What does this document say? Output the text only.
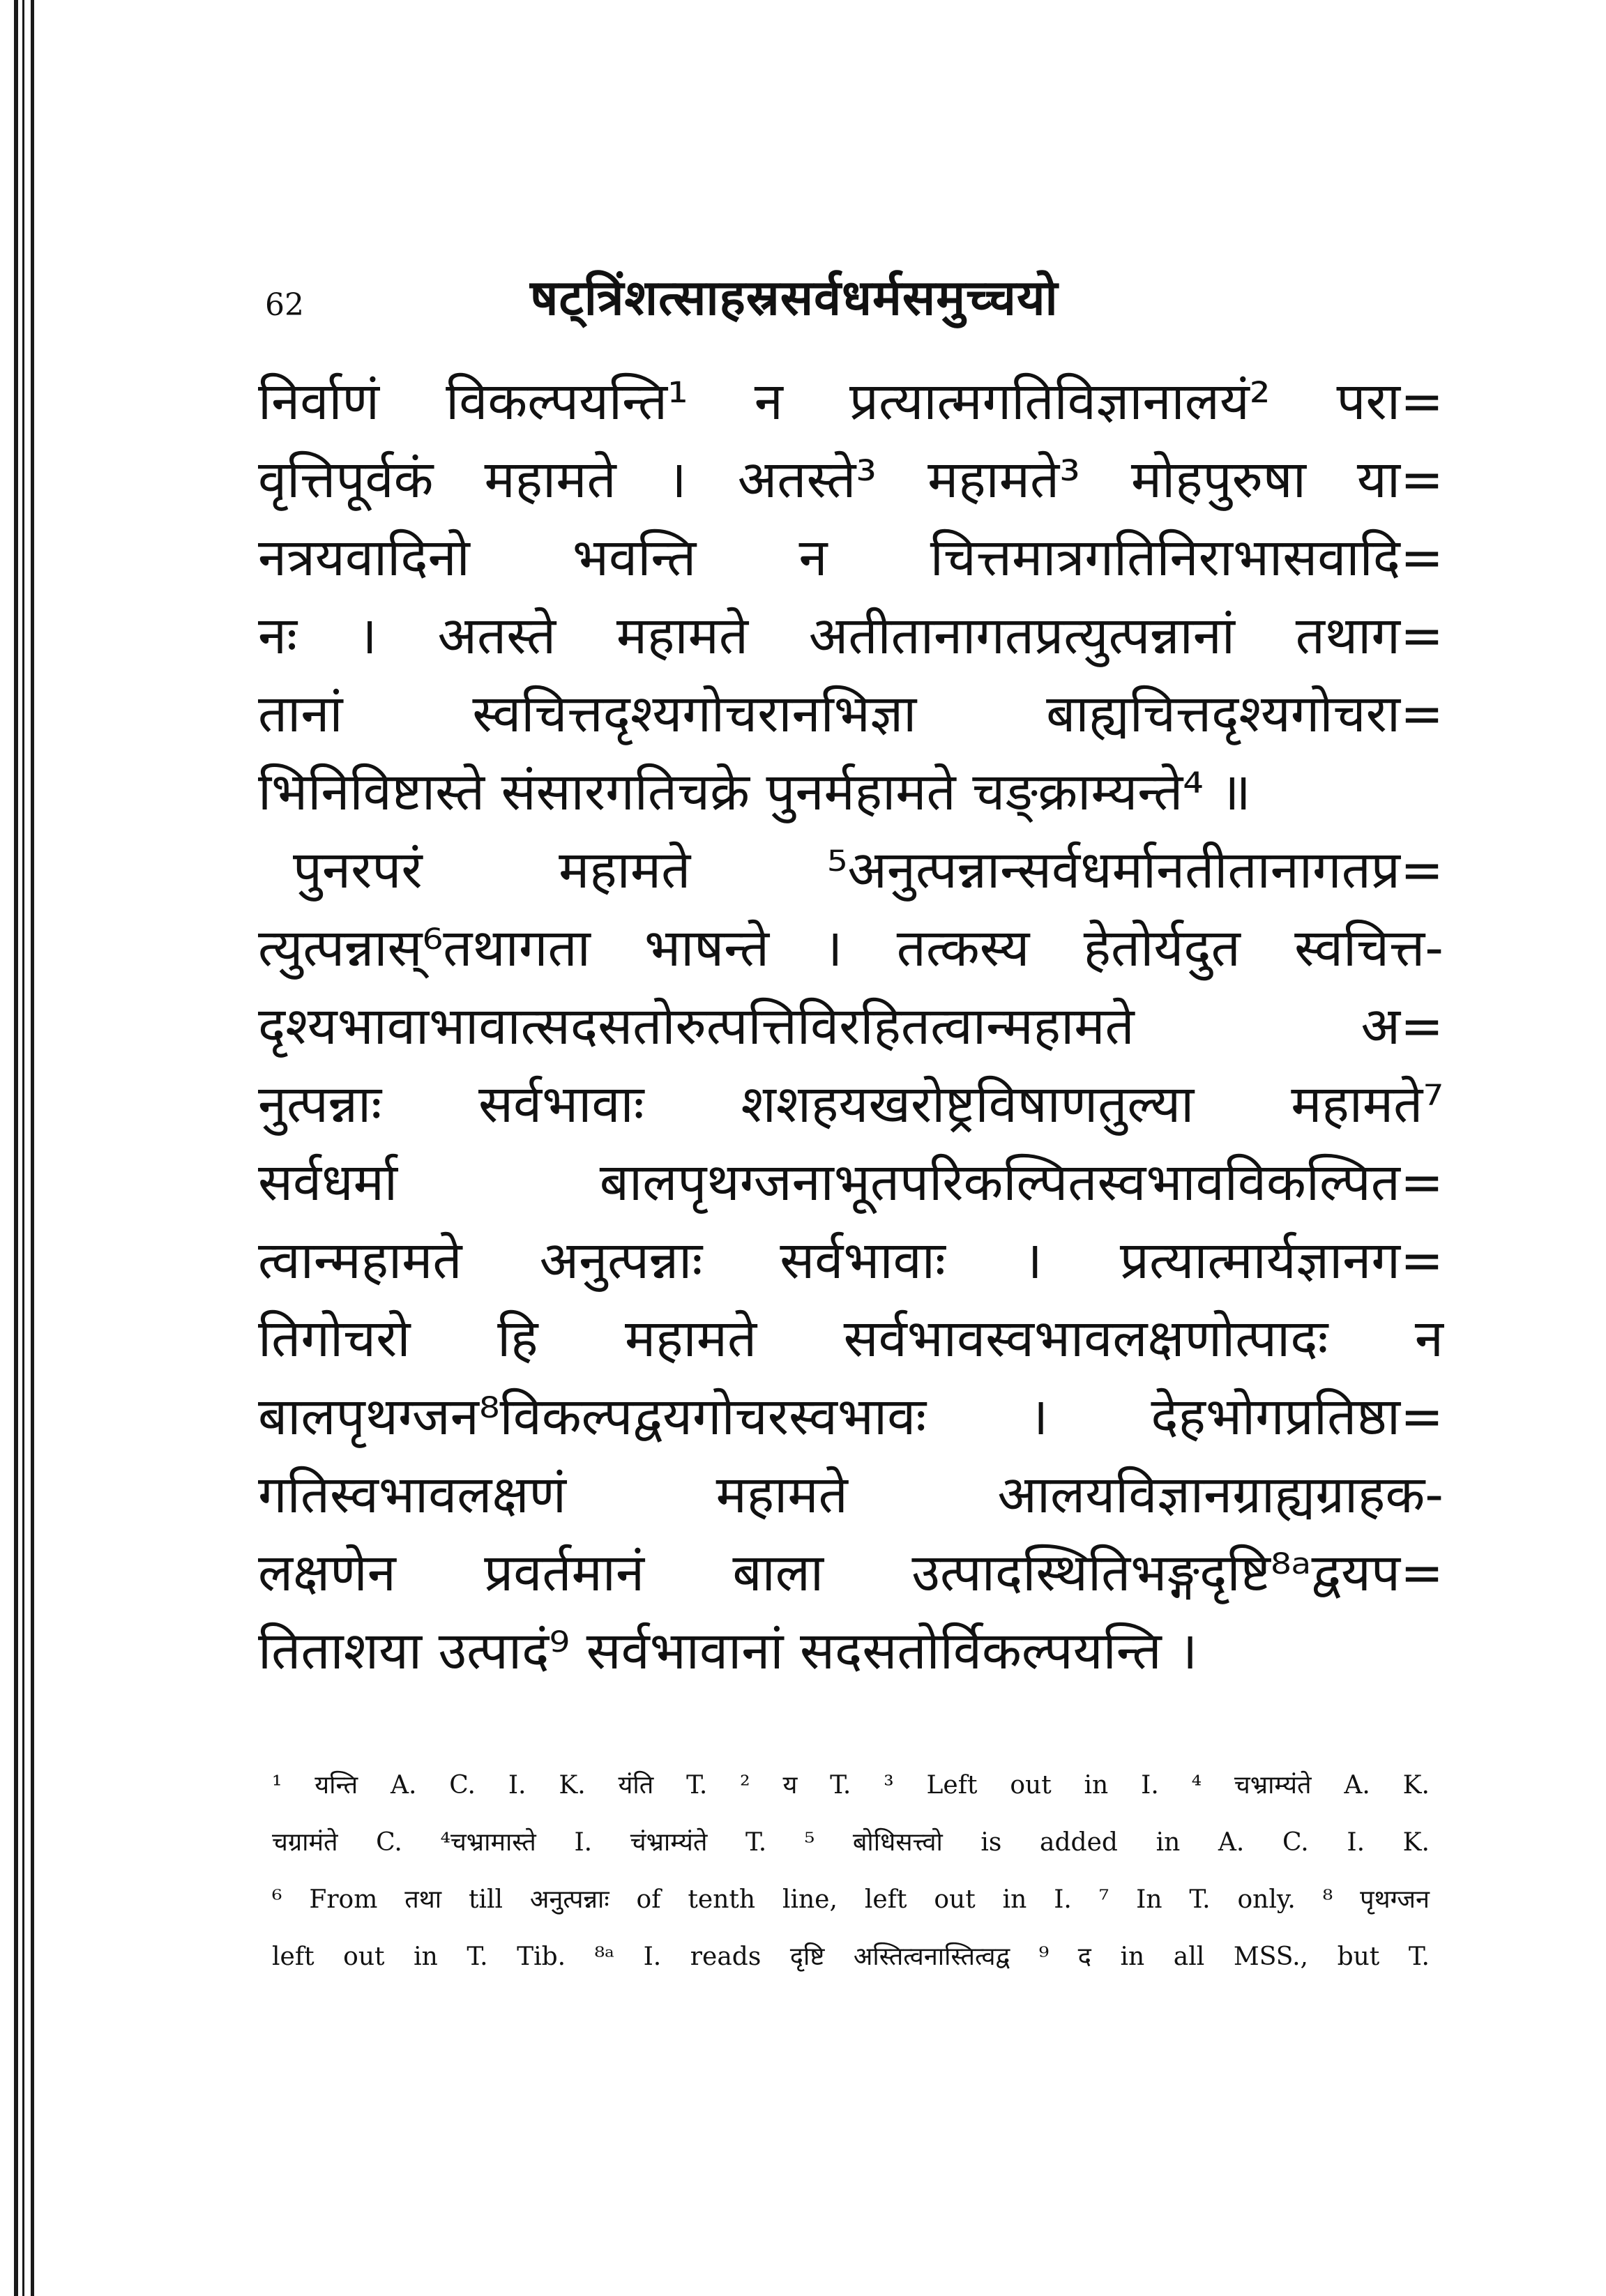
62	षट्त्रिंशत्साहस्रसर्वधर्मसमुच्चयो
निर्वाणं विकल्पयन्ति¹ न प्रत्यात्मगतिविज्ञानालयं² परा=
वृत्तिपूर्वकं महामते । अतस्ते³ महामते³ मोहपुरुषा या=
नत्रयवादिनो भवन्ति न चित्तमात्रगतिनिराभासवादि=
नः । अतस्ते महामते अतीतानागतप्रत्युत्पन्नानां तथाग=
तानां स्वचित्तदृश्यगोचरानभिज्ञा बाह्यचित्तदृश्यगोचरा=
भिनिविष्टास्ते संसारगतिचक्रे पुनर्महामते चङ्क्राम्यन्ते⁴ ॥
पुनरपरं महामते ⁵अनुत्पन्नान्सर्वधर्मानतीतानागतप्र=
त्युत्पन्नास्⁶तथागता भाषन्ते । तत्कस्य हेतोर्यदुत स्वचित्त-
दृश्यभावाभावात्सदसतोरुत्पत्तिविरहितत्वान्महामते अ=
नुत्पन्नाः सर्वभावाः शशहयखरोष्ट्रविषाणतुल्या महामते⁷
सर्वधर्मा बालपृथग्जनाभूतपरिकल्पितस्वभावविकल्पित=
त्वान्महामते अनुत्पन्नाः सर्वभावाः । प्रत्यात्मार्यज्ञानग=
तिगोचरो हि महामते सर्वभावस्वभावलक्षणोत्पादः न
बालपृथग्जन⁸विकल्पद्वयगोचरस्वभावः । देहभोगप्रतिष्ठा=
गतिस्वभावलक्षणं महामते आलयविज्ञानग्राह्यग्राहक-
लक्षणेन प्रवर्तमानं बाला उत्पादस्थितिभङ्गदृष्टि⁸ᵃद्वयप=
तिताशया उत्पादं⁹ सर्वभावानां सदसतोर्विकल्पयन्ति ।
¹ यन्ति A. C. I. K. यंति T. ² य T. ³ Left out in I. ⁴ चभ्राम्यंते A. K.
चग्रामंते C. ⁴चभ्रामास्ते I. चंभ्राम्यंते T. ⁵ बोधिसत्त्वो is added in A. C. I. K.
⁶ From तथा till अनुत्पन्नाः of tenth line, left out in I. ⁷ In T. only. ⁸ पृथग्जन
left out in T. Tib. ⁸ᵃ I. reads दृष्टि अस्तित्वनास्तित्वद्व ⁹ द in all MSS., but T.
